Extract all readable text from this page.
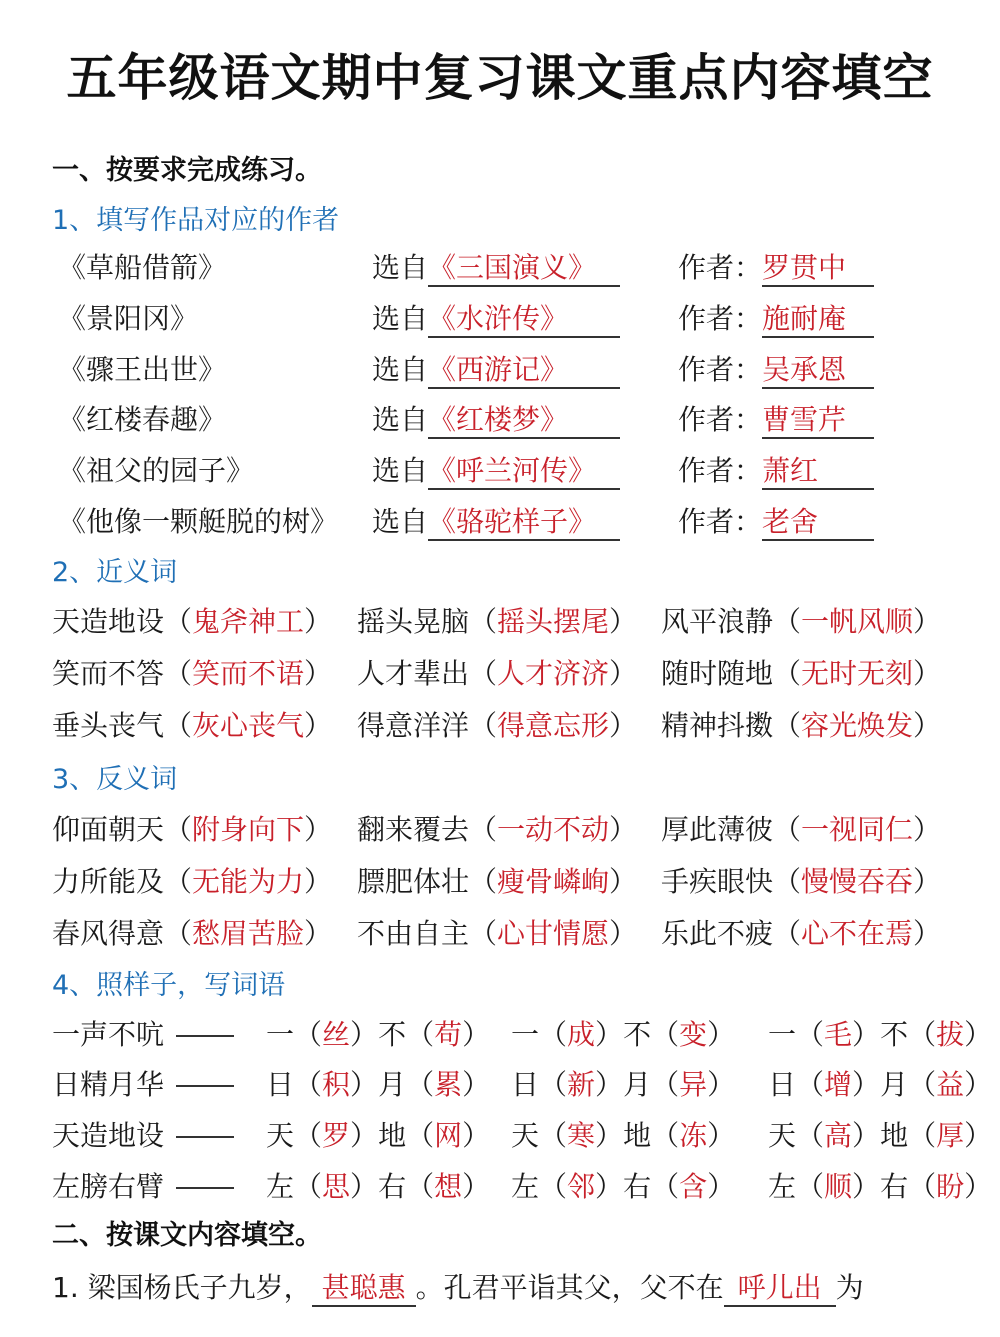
五年级语文期中复习课文重点内容填空
一、按要求完成练习。
1、填写作品对应的作者
《草船借箭》	选自《三国演义》	作者：罗贯中
《景阳冈》	选自《水浒传》	作者：施耐庵
《骤王出世》	选自《西游记》	作者：吴承恩
《红楼春趣》	选自《红楼梦》	作者：曹雪芹
《祖父的园子》	选自《呼兰河传》	作者：萧红
《他像一颗艇脱的树》 选自《骆驼样子》	作者：老舍
2、近义词
天造地设（鬼斧神工） 摇头晃脑（摇头摆尾） 风平浪静（一帆风顺）
笑而不答（笑而不语） 人才辈出（人才济济） 随时随地（无时无刻）
垂头丧气（灰心丧气） 得意洋洋（得意忘形） 精神抖擞（容光焕发）
3、反义词
仰面朝天（附身向下） 翻来覆去（一动不动） 厚此薄彼（一视同仁）
力所能及（无能为力） 膘肥体壮（瘦骨嶙峋） 手疾眼快（慢慢吞吞）
春风得意（愁眉苦脸） 不由自主（心甘情愿） 乐此不疲（心不在焉）
4、照样子，写词语
一声不吭	一（丝）不（苟） 一（成）不（变） 一（毛）不（拔）
日精月华	日（积）月（累） 日（新）月（异） 日（增）月（益）
天造地设	天（罗）地（网） 天（寒）地（冻） 天（高）地（厚）
左膀右臂	左（思）右（想） 左（邻）右（含） 左（顺）右（盼）
二、按课文内容填空。
1. 梁国杨氏子九岁， 甚聪惠 。孔君平诣其父，父不在 呼儿出 为
